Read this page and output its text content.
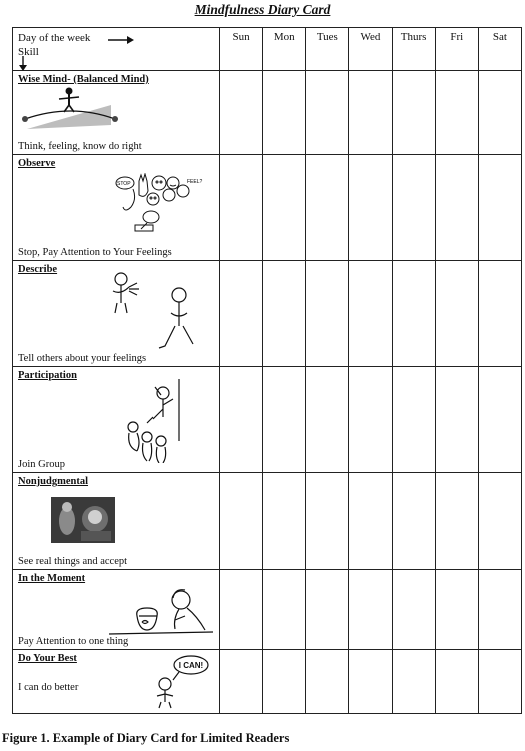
Mindfulness Diary Card
Day of the week
Skill	Sun	Mon	Tues	Wed	Thurs	Fri	Sat

Wise Mind- (Balanced Mind)
Think, feeling, know do right							

Observe
STOP FEEL?
Stop, Pay Attention to Your Feelings							

Describe
Tell others about your feelings							

Participation
Join Group							

Nonjudgmental
See real things and accept							

In the Moment
Pay Attention to one thing							

Do Your Best
I CAN!
I can do better							

Figure 1. Example of Diary Card for Limited Readers
